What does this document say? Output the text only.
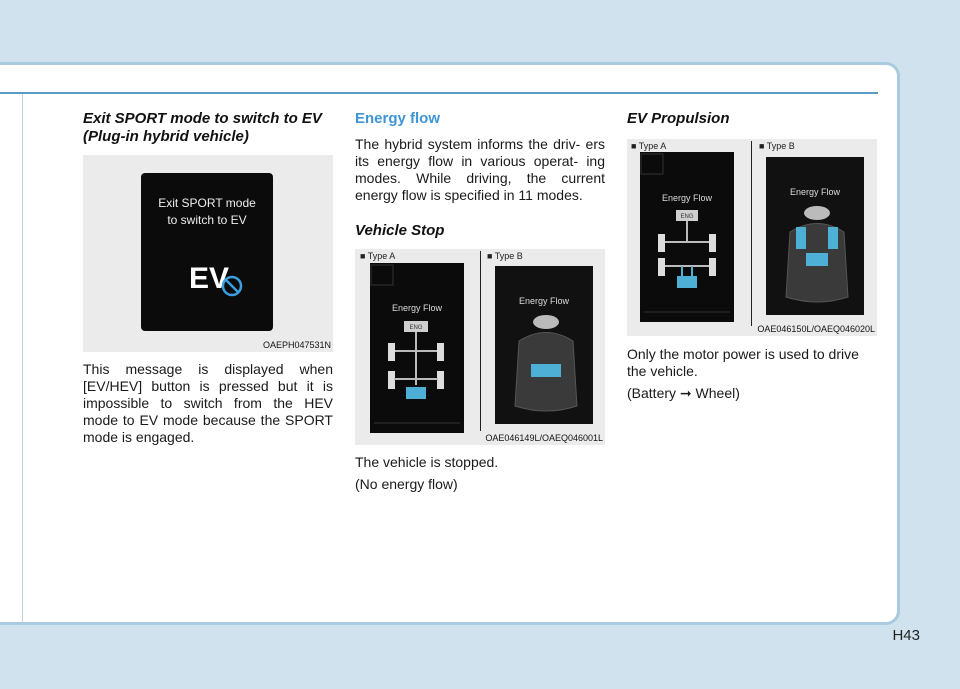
Exit SPORT mode to switch to EV (Plug-in hybrid vehicle)
Exit SPORT mode
to switch to EV
EV
OAEPH047531N

This message is displayed when [EV/HEV] button is pressed but it is impossible to switch from the HEV mode to EV mode because the SPORT mode is engaged.

Energy flow

The hybrid system informs the driv- ers its energy flow in various operat- ing modes. While driving, the current energy flow is specified in 11 modes.

Vehicle Stop
■ Type A	■ Type B
Energy Flow
ENG
Energy Flow
OAE046149L/OAEQ046001L

The vehicle is stopped.

(No energy flow)

EV Propulsion
■ Type A	■ Type B
Energy Flow
ENG
Energy Flow
OAE046150L/OAEQ046020L

Only the motor power is used to drive the vehicle.

(Battery ➞ Wheel)

H43
